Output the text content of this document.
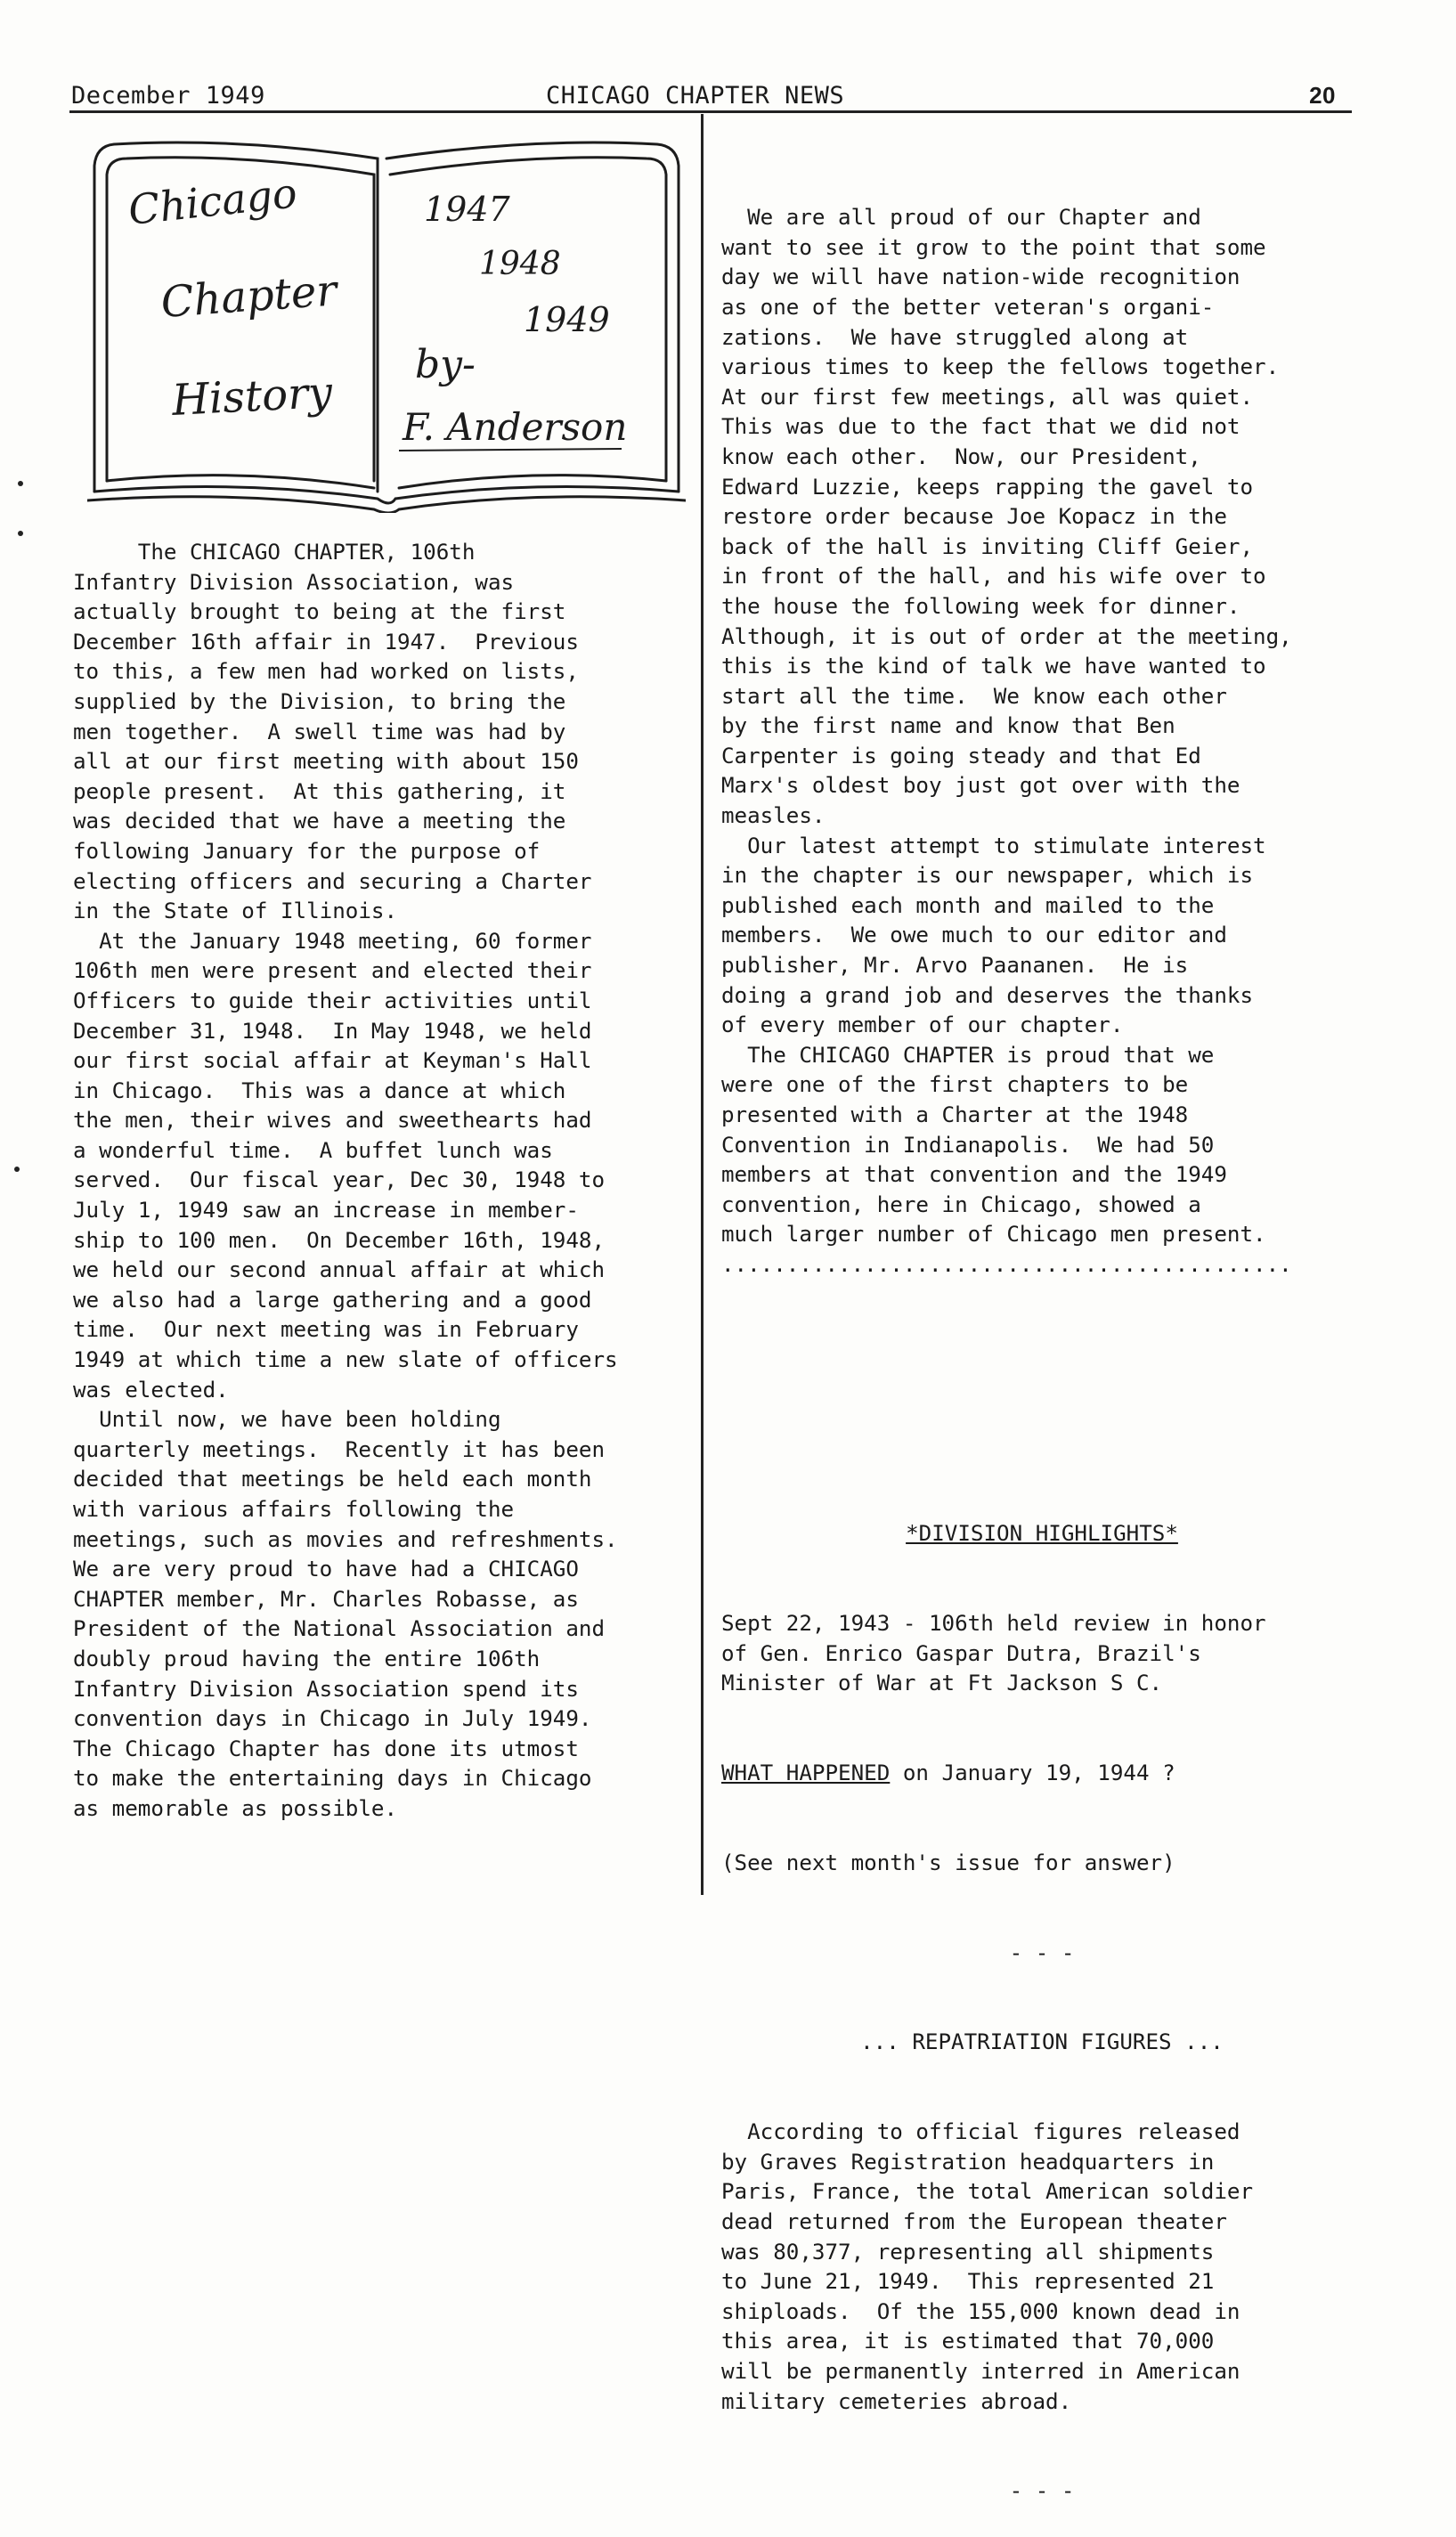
December 1949	CHICAGO CHAPTER NEWS	20
Chicago
Chapter
History
1947
1948
1949
by-
F. Anderson

The CHICAGO CHAPTER, 106th

Infantry Division Association, was

actually brought to being at the first

December 16th affair in 1947.  Previous

to this, a few men had worked on lists,

supplied by the Division, to bring the

men together.  A swell time was had by

all at our first meeting with about 150

people present.  At this gathering, it

was decided that we have a meeting the

following January for the purpose of

electing officers and securing a Charter

in the State of Illinois.

At the January 1948 meeting, 60 former

106th men were present and elected their

Officers to guide their activities until

December 31, 1948.  In May 1948, we held

our first social affair at Keyman's Hall

in Chicago.  This was a dance at which

the men, their wives and sweethearts had

a wonderful time.  A buffet lunch was

served.  Our fiscal year, Dec 30, 1948 to

July 1, 1949 saw an increase in member-

ship to 100 men.  On December 16th, 1948,

we held our second annual affair at which

we also had a large gathering and a good

time.  Our next meeting was in February

1949 at which time a new slate of officers

was elected.

Until now, we have been holding

quarterly meetings.  Recently it has been

decided that meetings be held each month

with various affairs following the

meetings, such as movies and refreshments.

We are very proud to have had a CHICAGO

CHAPTER member, Mr. Charles Robasse, as

President of the National Association and

doubly proud having the entire 106th

Infantry Division Association spend its

convention days in Chicago in July 1949.

The Chicago Chapter has done its utmost

to make the entertaining days in Chicago

as memorable as possible.

We are all proud of our Chapter and

want to see it grow to the point that some

day we will have nation-wide recognition

as one of the better veteran's organi-

zations.  We have struggled along at

various times to keep the fellows together.

At our first few meetings, all was quiet.

This was due to the fact that we did not

know each other.  Now, our President,

Edward Luzzie, keeps rapping the gavel to

restore order because Joe Kopacz in the

back of the hall is inviting Cliff Geier,

in front of the hall, and his wife over to

the house the following week for dinner.

Although, it is out of order at the meeting,

this is the kind of talk we have wanted to

start all the time.  We know each other

by the first name and know that Ben

Carpenter is going steady and that Ed

Marx's oldest boy just got over with the

measles.

Our latest attempt to stimulate interest

in the chapter is our newspaper, which is

published each month and mailed to the

members.  We owe much to our editor and

publisher, Mr. Arvo Paananen.  He is

doing a grand job and deserves the thanks

of every member of our chapter.

The CHICAGO CHAPTER is proud that we

were one of the first chapters to be

presented with a Charter at the 1948

Convention in Indianapolis.  We had 50

members at that convention and the 1949

convention, here in Chicago, showed a

much larger number of Chicago men present.

............................................

*DIVISION HIGHLIGHTS*

Sept 22, 1943 - 106th held review in honor

of Gen. Enrico Gaspar Dutra, Brazil's

Minister of War at Ft Jackson S C.

WHAT HAPPENED on January 19, 1944 ?

(See next month's issue for answer)

- - -

... REPATRIATION FIGURES ...

According to official figures released

by Graves Registration headquarters in

Paris, France, the total American soldier

dead returned from the European theater

was 80,377, representing all shipments

to June 21, 1949.  This represented 21

shiploads.  Of the 155,000 known dead in

this area, it is estimated that 70,000

will be permanently interred in American

military cemeteries abroad.

- - -
